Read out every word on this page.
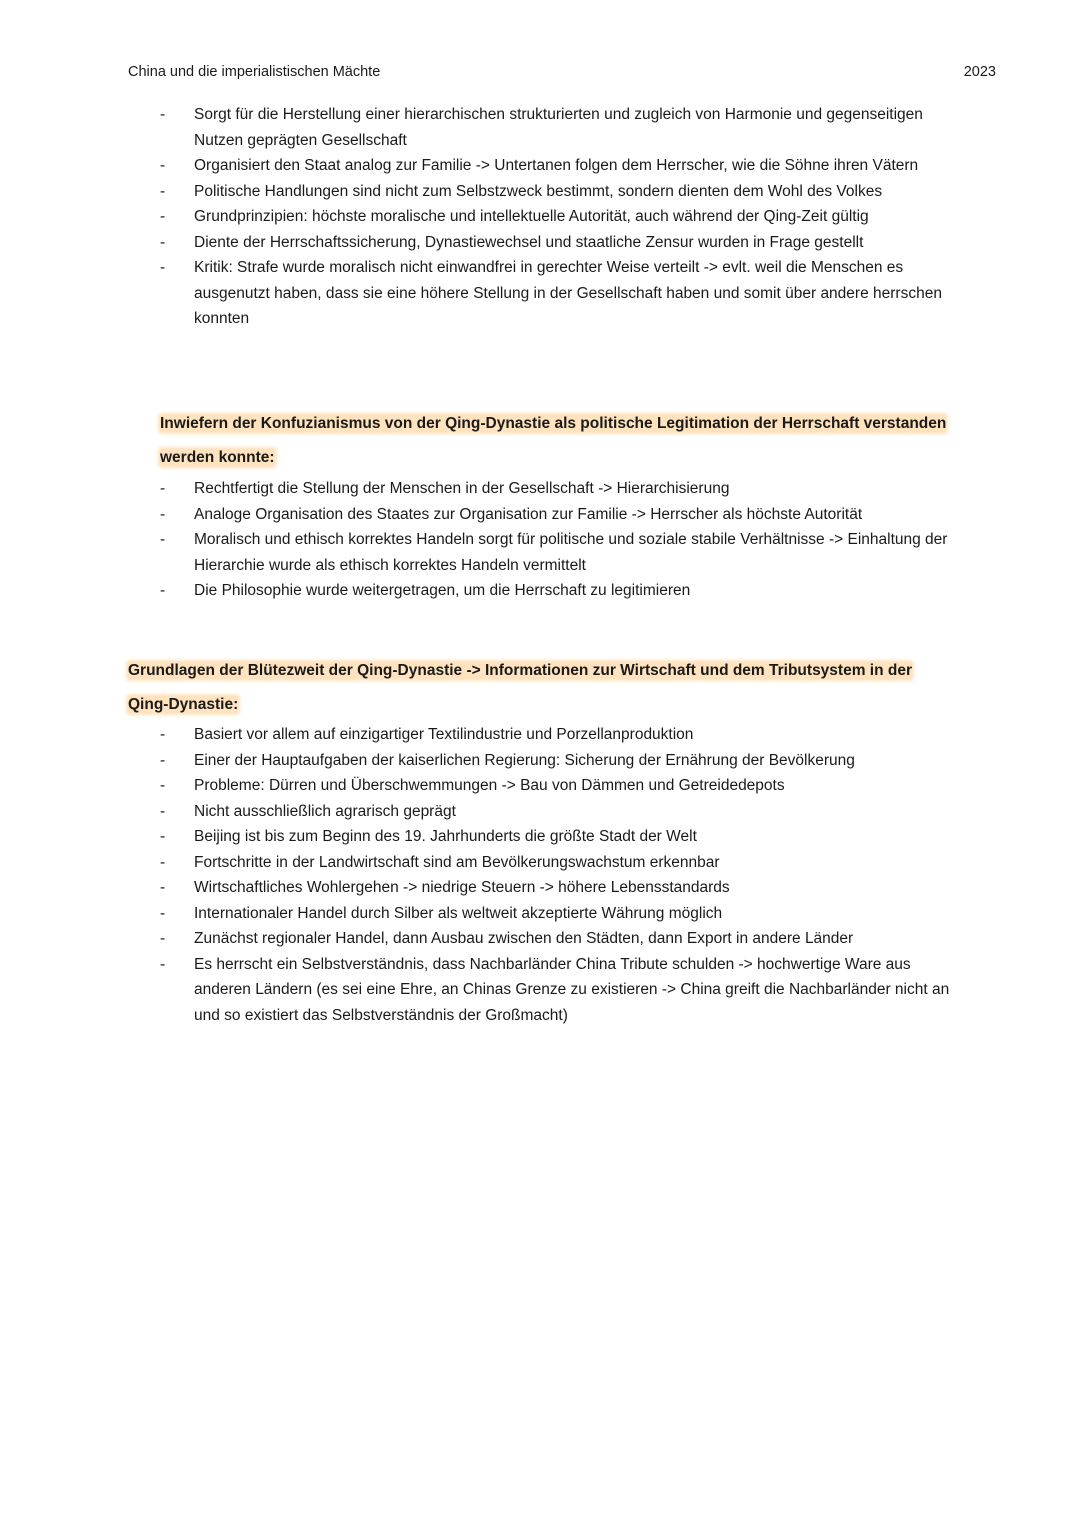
China und die imperialistischen Mächte	2023
- Sorgt für die Herstellung einer hierarchischen strukturierten und zugleich von Harmonie und gegenseitigen Nutzen geprägten Gesellschaft
- Organisiert den Staat analog zur Familie -> Untertanen folgen dem Herrscher, wie die Söhne ihren Vätern
- Politische Handlungen sind nicht zum Selbstzweck bestimmt, sondern dienten dem Wohl des Volkes
- Grundprinzipien: höchste moralische und intellektuelle Autorität, auch während der Qing-Zeit gültig
- Diente der Herrschaftssicherung, Dynastiewechsel und staatliche Zensur wurden in Frage gestellt
- Kritik: Strafe wurde moralisch nicht einwandfrei in gerechter Weise verteilt -> evlt. weil die Menschen es ausgenutzt haben, dass sie eine höhere Stellung in der Gesellschaft haben und somit über andere herrschen konnten
Inwiefern der Konfuzianismus von der Qing-Dynastie als politische Legitimation der Herrschaft verstanden werden konnte:
- Rechtfertigt die Stellung der Menschen in der Gesellschaft -> Hierarchisierung
- Analoge Organisation des Staates zur Organisation zur Familie -> Herrscher als höchste Autorität
- Moralisch und ethisch korrektes Handeln sorgt für politische und soziale stabile Verhältnisse -> Einhaltung der Hierarchie wurde als ethisch korrektes Handeln vermittelt
- Die Philosophie wurde weitergetragen, um die Herrschaft zu legitimieren
Grundlagen der Blütezweit der Qing-Dynastie -> Informationen zur Wirtschaft und dem Tributsystem in der Qing-Dynastie:
- Basiert vor allem auf einzigartiger Textilindustrie und Porzellanproduktion
- Einer der Hauptaufgaben der kaiserlichen Regierung: Sicherung der Ernährung der Bevölkerung
- Probleme: Dürren und Überschwemmungen -> Bau von Dämmen und Getreidedepots
- Nicht ausschließlich agrarisch geprägt
- Beijing ist bis zum Beginn des 19. Jahrhunderts die größte Stadt der Welt
- Fortschritte in der Landwirtschaft sind am Bevölkerungswachstum erkennbar
- Wirtschaftliches Wohlergehen -> niedrige Steuern -> höhere Lebensstandards
- Internationaler Handel durch Silber als weltweit akzeptierte Währung möglich
- Zunächst regionaler Handel, dann Ausbau zwischen den Städten, dann Export in andere Länder
- Es herrscht ein Selbstverständnis, dass Nachbarländer China Tribute schulden -> hochwertige Ware aus anderen Ländern (es sei eine Ehre, an Chinas Grenze zu existieren -> China greift die Nachbarländer nicht an und so existiert das Selbstverständnis der Großmacht)
